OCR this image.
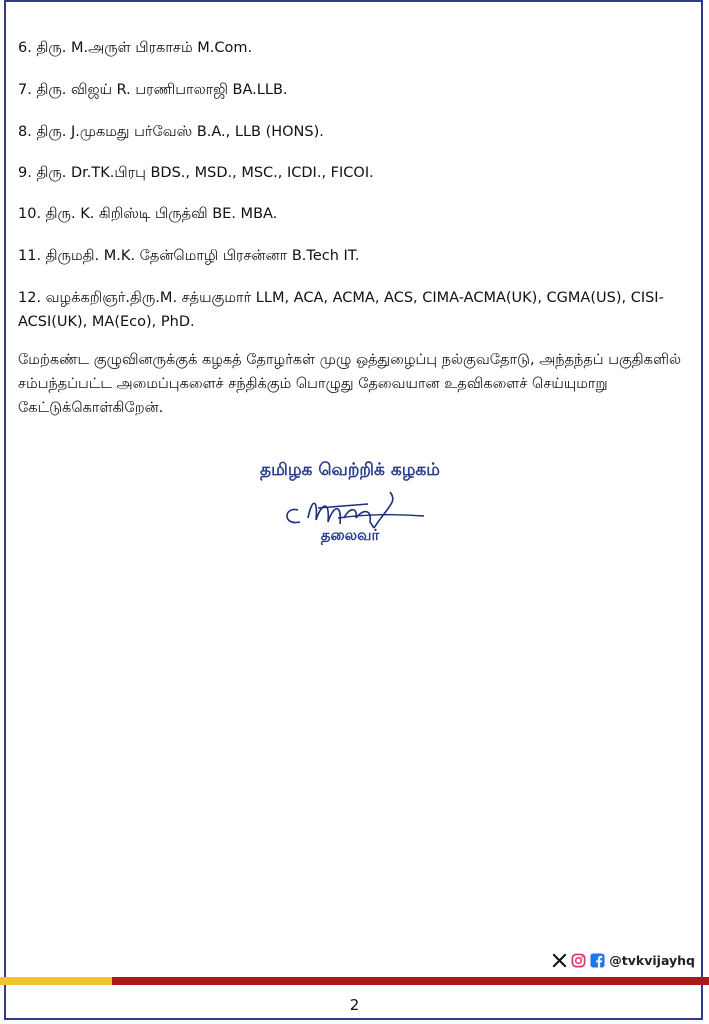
6. திரு. M.அருள் பிரகாசம் M.Com.

7. திரு. விஜய் R. பரணிபாலாஜி BA.LLB.

8. திரு. J.முகமது பர்வேஸ் B.A., LLB (HONS).

9. திரு. Dr.TK.பிரபு BDS., MSD., MSC., ICDI., FICOI.

10. திரு. K. கிறிஸ்டி பிருத்வி BE. MBA.

11. திருமதி. M.K. தேன்மொழி பிரசன்னா B.Tech IT.

12. வழக்கறிஞர்.திரு.M. சத்யகுமார் LLM, ACA, ACMA, ACS, CIMA-ACMA(UK), CGMA(US), CISI-ACSI(UK), MA(Eco), PhD.

மேற்கண்ட குழுவினருக்குக் கழகத் தோழர்கள் முழு ஒத்துழைப்பு நல்குவதோடு, அந்தந்தப் பகுதிகளில் சம்பந்தப்பட்ட அமைப்புகளைச் சந்திக்கும் பொழுது தேவையான உதவிகளைச் செய்யுமாறு கேட்டுக்கொள்கிறேன்.

தமிழக வெற்றிக் கழகம்
தலைவர்
@tvkvijayhq
2
